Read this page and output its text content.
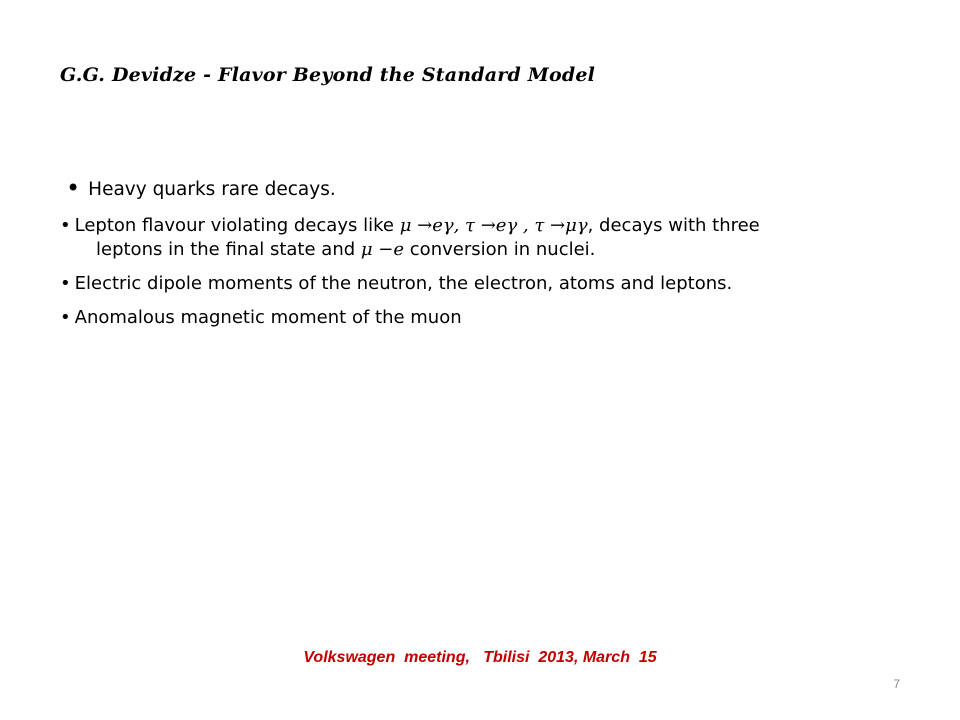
G.G. Devidze - Flavor Beyond the Standard Model

• Heavy quarks rare decays.

• Lepton flavour violating decays like μ →eγ, τ →eγ , τ →μγ, decays with three
leptons in the final state and μ −e conversion in nuclei.

• Electric dipole moments of the neutron, the electron, atoms and leptons.

• Anomalous magnetic moment of the muon

Volkswagen  meeting,   Tbilisi  2013, March  15
7
